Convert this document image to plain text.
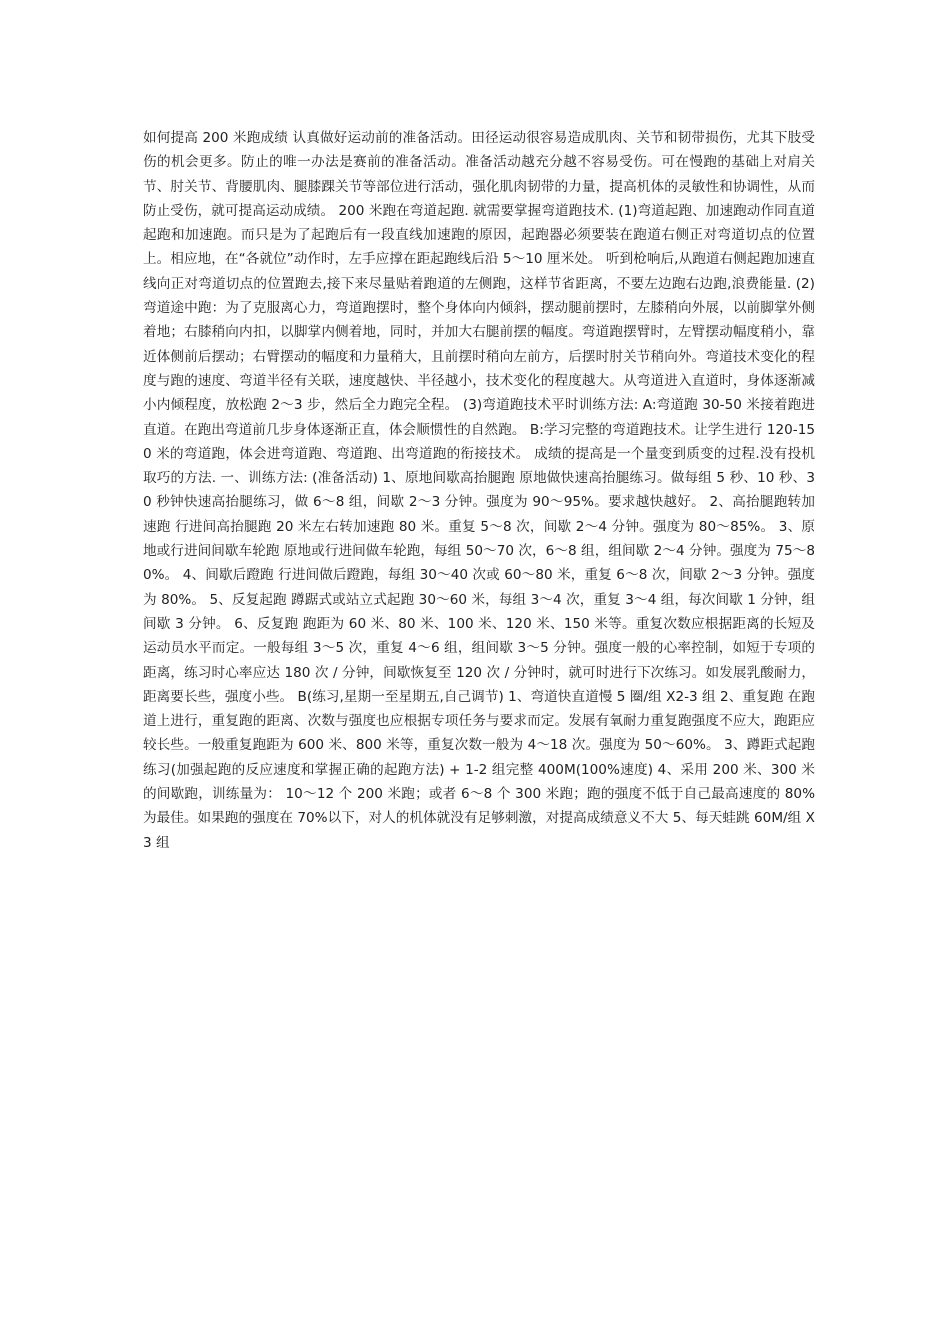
如何提高 200 米跑成绩 认真做好运动前的准备活动。田径运动很容易造成肌肉、关节和韧带损伤，尤其下肢受伤的机会更多。防止的唯一办法是赛前的准备活动。准备活动越充分越不容易受伤。可在慢跑的基础上对肩关节、肘关节、背腰肌肉、腿膝踝关节等部位进行活动，强化肌肉韧带的力量，提高机体的灵敏性和协调性，从而防止受伤，就可提高运动成绩。 200 米跑在弯道起跑. 就需要掌握弯道跑技术. (1)弯道起跑、加速跑动作同直道起跑和加速跑。而只是为了起跑后有一段直线加速跑的原因，起跑器必须要装在跑道右侧正对弯道切点的位置上。相应地，在“各就位”动作时，左手应撑在距起跑线后沿 5～10 厘米处。 听到枪响后,从跑道右侧起跑加速直线向正对弯道切点的位置跑去,接下来尽量贴着跑道的左侧跑，这样节省距离，不要左边跑右边跑,浪费能量. (2)弯道途中跑：为了克服离心力，弯道跑摆时，整个身体向内倾斜，摆动腿前摆时，左膝稍向外展，以前脚掌外侧着地；右膝稍向内扣，以脚掌内侧着地，同时，并加大右腿前摆的幅度。弯道跑摆臂时，左臂摆动幅度稍小，靠近体侧前后摆动；右臂摆动的幅度和力量稍大，且前摆时稍向左前方，后摆时肘关节稍向外。弯道技术变化的程度与跑的速度、弯道半径有关联，速度越快、半径越小，技术变化的程度越大。从弯道进入直道时，身体逐渐减小内倾程度，放松跑 2～3 步，然后全力跑完全程。 (3)弯道跑技术平时训练方法: A:弯道跑 30-50 米接着跑进直道。在跑出弯道前几步身体逐渐正直，体会顺惯性的自然跑。 B:学习完整的弯道跑技术。让学生进行 120-150 米的弯道跑，体会进弯道跑、弯道跑、出弯道跑的衔接技术。 成绩的提高是一个量变到质变的过程.没有投机取巧的方法. 一、训练方法: (准备活动) 1、原地间歇高抬腿跑 原地做快速高抬腿练习。做每组 5 秒、10 秒、30 秒钟快速高抬腿练习，做 6～8 组，间歇 2～3 分钟。强度为 90～95%。要求越快越好。 2、高抬腿跑转加速跑 行进间高抬腿跑 20 米左右转加速跑 80 米。重复 5～8 次，间歇 2～4 分钟。强度为 80～85%。 3、原地或行进间间歇车轮跑 原地或行进间做车轮跑，每组 50～70 次，6～8 组，组间歇 2～4 分钟。强度为 75～80%。 4、间歇后蹬跑 行进间做后蹬跑，每组 30～40 次或 60～80 米，重复 6～8 次，间歇 2～3 分钟。强度为 80%。 5、反复起跑 蹲踞式或站立式起跑 30～60 米，每组 3～4 次，重复 3～4 组，每次间歇 1 分钟，组间歇 3 分钟。 6、反复跑 跑距为 60 米、80 米、100 米、120 米、150 米等。重复次数应根据距离的长短及运动员水平而定。一般每组 3～5 次，重复 4～6 组，组间歇 3～5 分钟。强度一般的心率控制，如短于专项的距离，练习时心率应达 180 次 / 分钟，间歇恢复至 120 次 / 分钟时，就可时进行下次练习。如发展乳酸耐力，距离要长些，强度小些。 B(练习,星期一至星期五,自己调节) 1、弯道快直道慢 5 圈/组 X2-3 组 2、重复跑 在跑道上进行，重复跑的距离、次数与强度也应根据专项任务与要求而定。发展有氧耐力重复跑强度不应大，跑距应较长些。一般重复跑距为 600 米、800 米等，重复次数一般为 4～18 次。强度为 50～60%。 3、蹲距式起跑练习(加强起跑的反应速度和掌握正确的起跑方法) + 1-2 组完整 400M(100%速度) 4、采用 200 米、300 米的间歇跑，训练量为： 10～12 个 200 米跑；或者 6～8 个 300 米跑；跑的强度不低于自己最高速度的 80%为最佳。如果跑的强度在 70%以下，对人的机体就没有足够刺激，对提高成绩意义不大 5、每天蛙跳 60M/组 X 3 组
